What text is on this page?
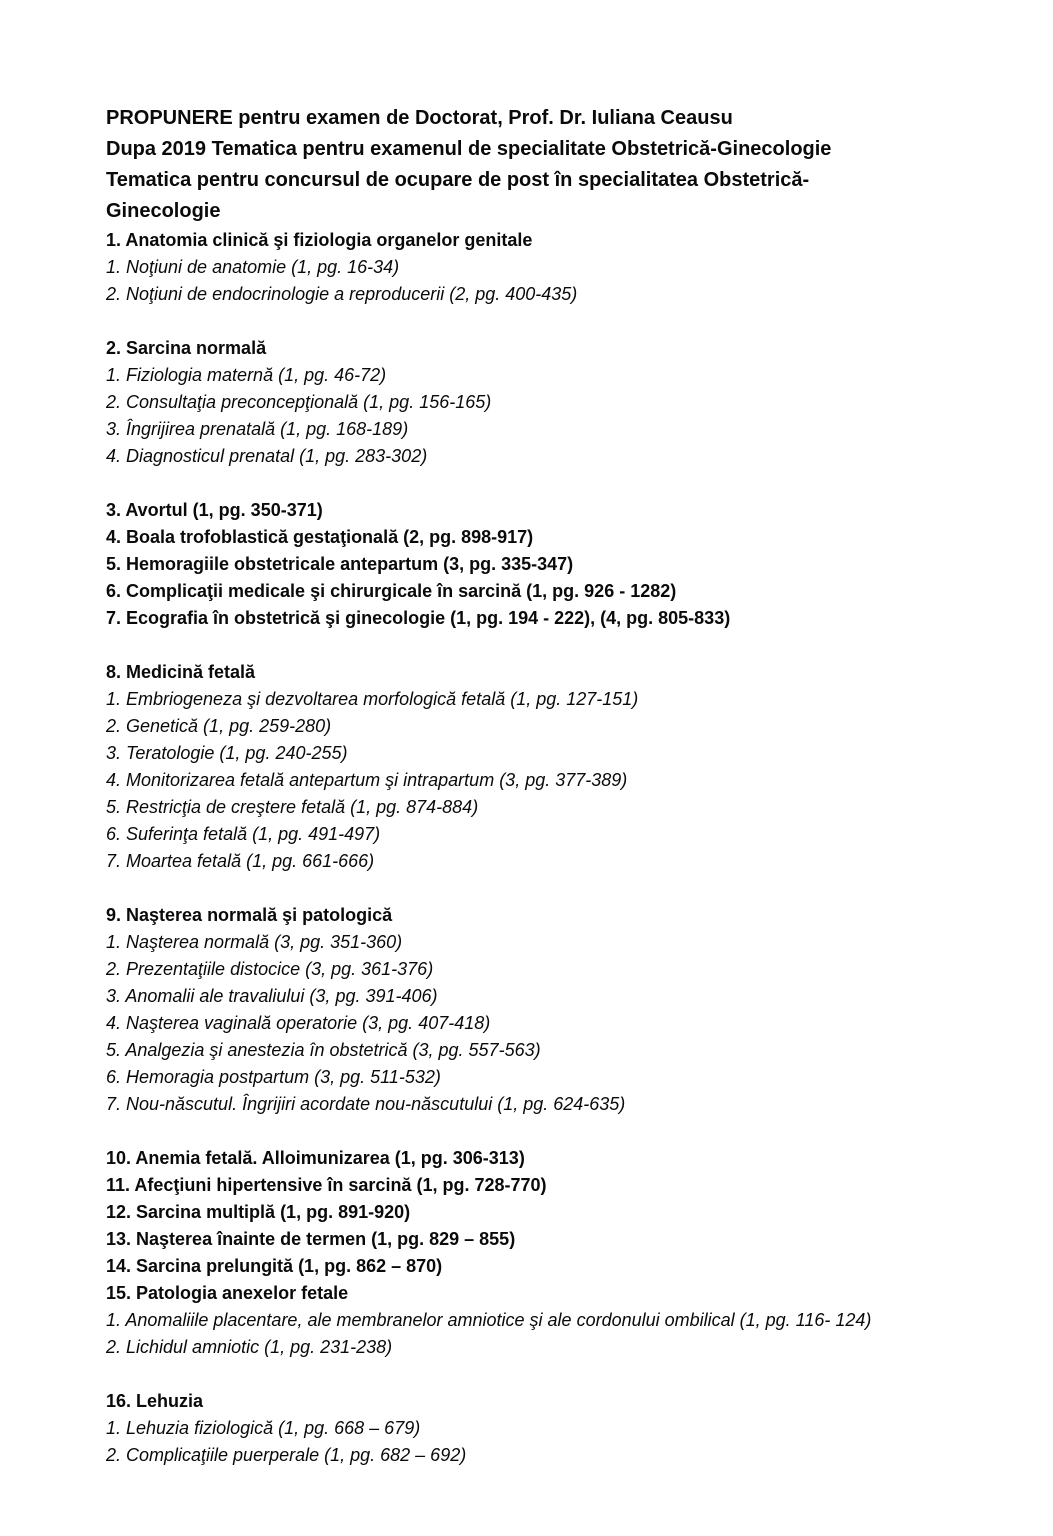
PROPUNERE pentru examen de Doctorat, Prof. Dr. Iuliana Ceausu

Dupa 2019 Tematica pentru examenul de specialitate Obstetrică-Ginecologie

Tematica pentru concursul de ocupare de post în specialitatea Obstetrică-

Ginecologie

1. Anatomia clinică şi fiziologia organelor genitale

1. Noţiuni de anatomie (1, pg. 16-34)

2. Noţiuni de endocrinologie a reproducerii (2, pg. 400-435)

2. Sarcina normală

1. Fiziologia maternă (1, pg. 46-72)

2. Consultaţia preconcepţională (1, pg. 156-165)

3. Îngrijirea prenatală (1, pg. 168-189)

4. Diagnosticul prenatal (1, pg. 283-302)

3. Avortul (1, pg. 350-371)

4. Boala trofoblastică gestaţională (2, pg. 898-917)

5. Hemoragiile obstetricale antepartum (3, pg. 335-347)

6. Complicaţii medicale şi chirurgicale în sarcină (1, pg. 926 - 1282)

7. Ecografia în obstetrică şi ginecologie (1, pg. 194 - 222), (4, pg. 805-833)

8. Medicină fetală

1. Embriogeneza şi dezvoltarea morfologică fetală (1, pg. 127-151)

2. Genetică (1, pg. 259-280)

3. Teratologie (1, pg. 240-255)

4. Monitorizarea fetală antepartum şi intrapartum (3, pg. 377-389)

5. Restricţia de creştere fetală (1, pg. 874-884)

6. Suferinţa fetală (1, pg. 491-497)

7. Moartea fetală (1, pg. 661-666)

9. Naşterea normală şi patologică

1. Naşterea normală (3, pg. 351-360)

2. Prezentaţiile distocice (3, pg. 361-376)

3. Anomalii ale travaliului (3, pg. 391-406)

4. Naşterea vaginală operatorie (3, pg. 407-418)

5. Analgezia şi anestezia în obstetrică (3, pg. 557-563)

6. Hemoragia postpartum (3, pg. 511-532)

7. Nou-născutul. Îngrijiri acordate nou-născutului (1, pg. 624-635)

10. Anemia fetală. Alloimunizarea (1, pg. 306-313)

11. Afecţiuni hipertensive în sarcină (1, pg. 728-770)

12. Sarcina multiplă (1, pg. 891-920)

13. Naşterea înainte de termen (1, pg. 829 – 855)

14. Sarcina prelungită (1, pg. 862 – 870)

15. Patologia anexelor fetale

1. Anomaliile placentare, ale membranelor amniotice şi ale cordonului ombilical (1, pg. 116- 124)

2. Lichidul amniotic (1, pg. 231-238)

16. Lehuzia

1. Lehuzia fiziologică (1, pg. 668 – 679)

2. Complicaţiile puerperale (1, pg. 682 – 692)
